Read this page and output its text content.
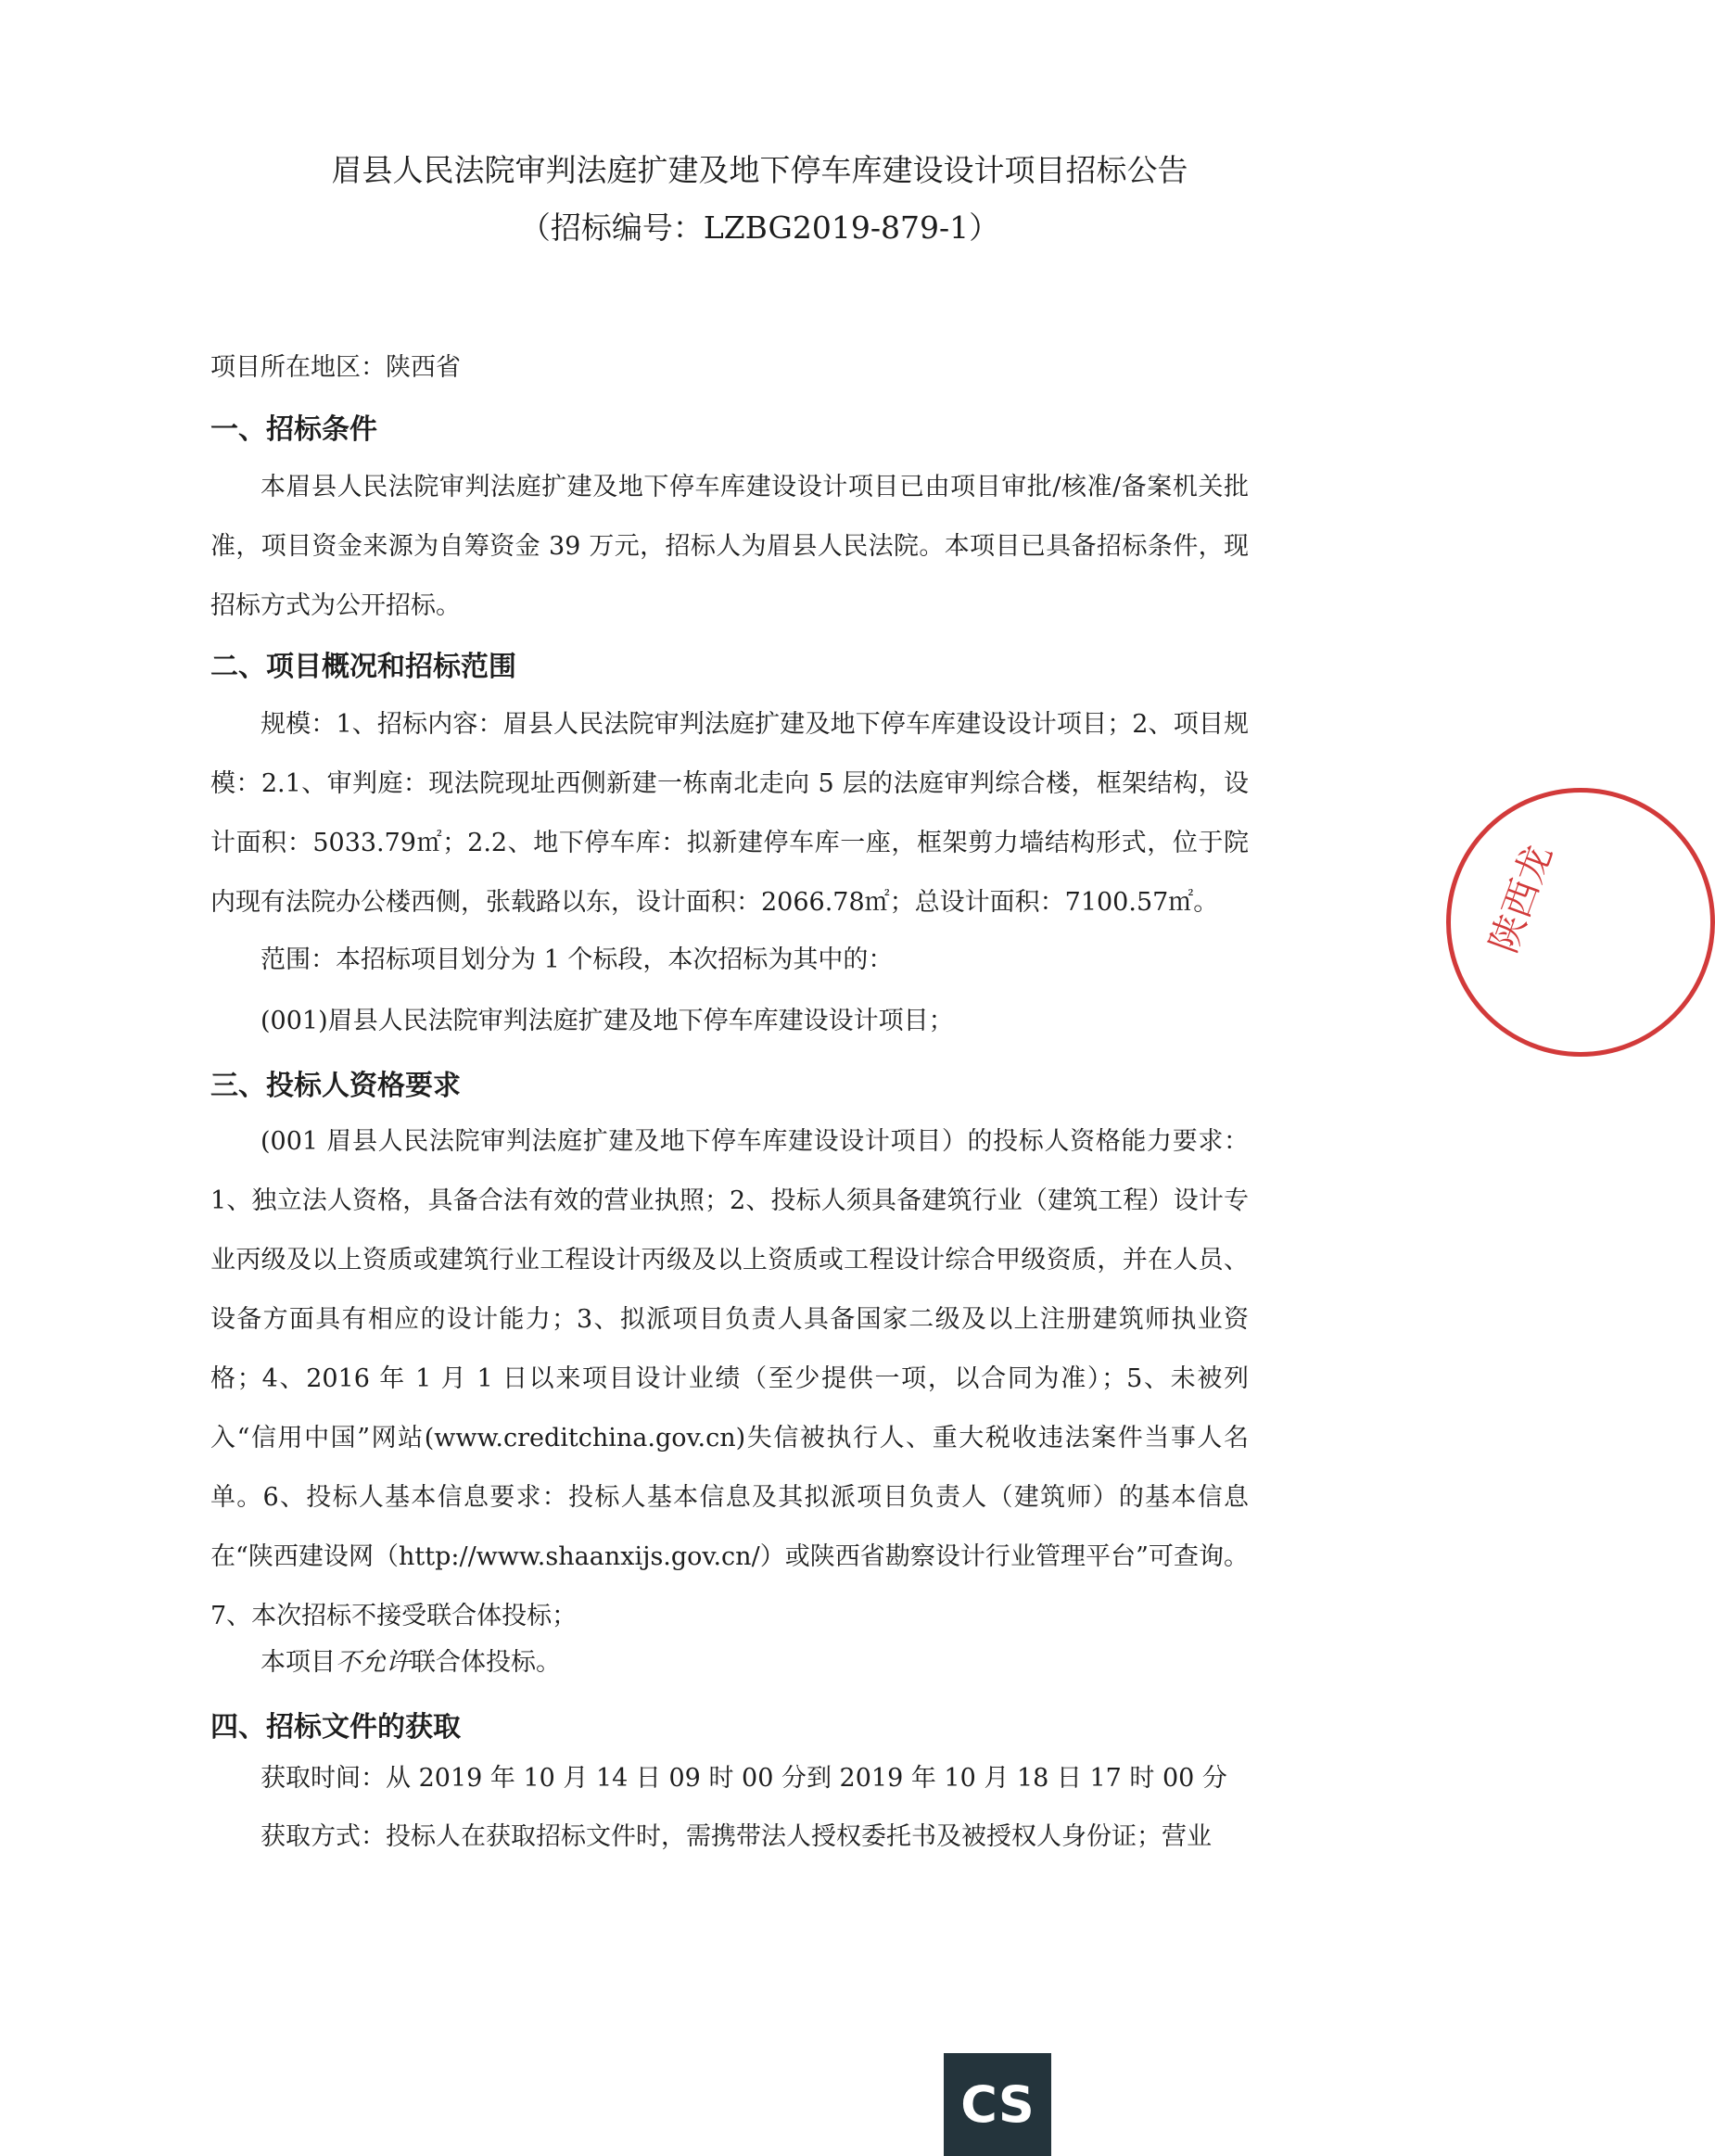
眉县人民法院审判法庭扩建及地下停车库建设设计项目招标公告
（招标编号：LZBG2019-879-1）
项目所在地区：陕西省
一、招标条件
本眉县人民法院审判法庭扩建及地下停车库建设设计项目已由项目审批/核准/备案机关批准，项目资金来源为自筹资金 39 万元，招标人为眉县人民法院。本项目已具备招标条件，现招标方式为公开招标。
二、项目概况和招标范围
规模：1、招标内容：眉县人民法院审判法庭扩建及地下停车库建设设计项目；2、项目规模：2.1、审判庭：现法院现址西侧新建一栋南北走向 5 层的法庭审判综合楼，框架结构，设计面积：5033.79㎡；2.2、地下停车库：拟新建停车库一座，框架剪力墙结构形式，位于院内现有法院办公楼西侧，张载路以东，设计面积：2066.78㎡；总设计面积：7100.57㎡。
范围：本招标项目划分为 1 个标段，本次招标为其中的：
(001)眉县人民法院审判法庭扩建及地下停车库建设设计项目；
三、投标人资格要求
(001 眉县人民法院审判法庭扩建及地下停车库建设设计项目）的投标人资格能力要求：1、独立法人资格，具备合法有效的营业执照；2、投标人须具备建筑行业（建筑工程）设计专业丙级及以上资质或建筑行业工程设计丙级及以上资质或工程设计综合甲级资质，并在人员、设备方面具有相应的设计能力；3、拟派项目负责人具备国家二级及以上注册建筑师执业资格；4、2016 年 1 月 1 日以来项目设计业绩（至少提供一项，以合同为准）；5、未被列入“信用中国”网站(www.creditchina.gov.cn)失信被执行人、重大税收违法案件当事人名单。6、投标人基本信息要求：投标人基本信息及其拟派项目负责人（建筑师）的基本信息在“陕西建设网（http://www.shaanxijs.gov.cn/）或陕西省勘察设计行业管理平台”可查询。7、本次招标不接受联合体投标；
本项目不允许联合体投标。
四、招标文件的获取
获取时间：从 2019 年 10 月 14 日 09 时 00 分到 2019 年 10 月 18 日 17 时 00 分
获取方式：投标人在获取招标文件时，需携带法人授权委托书及被授权人身份证；营业
陕西龙
CS
